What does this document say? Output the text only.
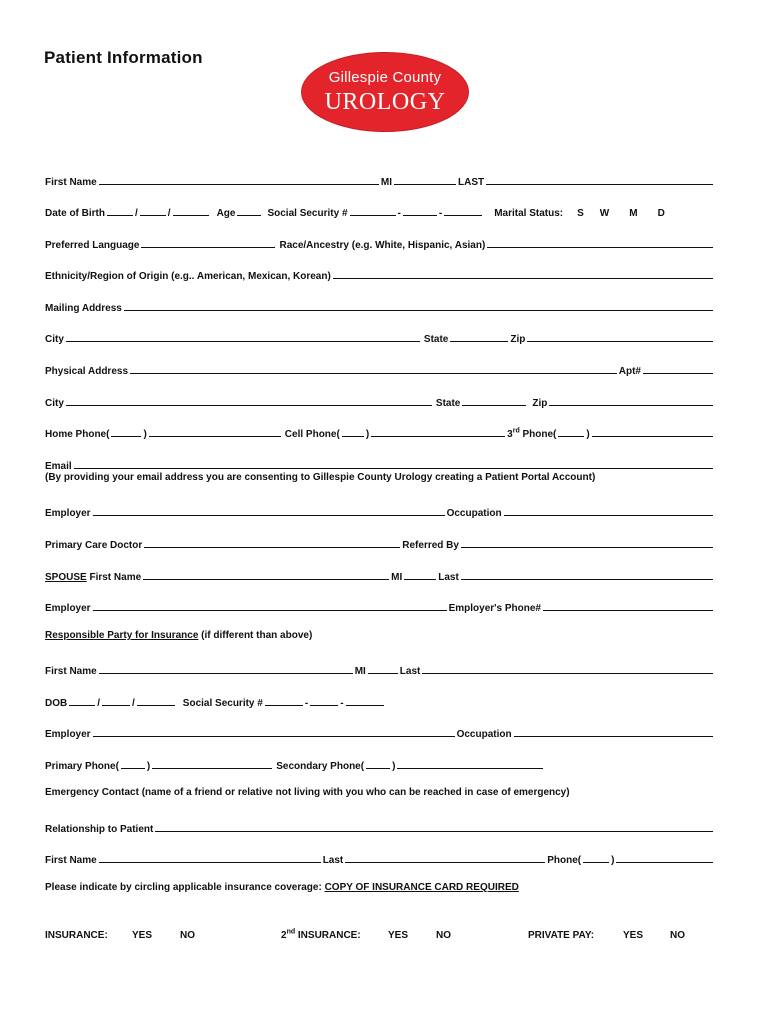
Patient Information
Gillespie County
UROLOGY
First Name	MI	LAST
Date of Birth	/	/	Age	Social Security #	-	-	Marital Status: S W M D
Preferred Language	Race/Ancestry (e.g. White, Hispanic, Asian)
Ethnicity/Region of Origin (e.g.. American, Mexican, Korean)
Mailing Address
City	State	Zip
Physical Address	Apt#
City	State	Zip
Home Phone(	)	Cell Phone(	)	3rd Phone(	)
Email
(By providing your email address you are consenting to Gillespie County Urology creating a Patient Portal Account)
Employer	Occupation
Primary Care Doctor	Referred By
SPOUSE First Name	MI	Last
Employer	Employer's Phone#
Responsible Party for Insurance (if different than above)
First Name	MI	Last
DOB	/	/	Social Security #	-	-
Employer	Occupation
Primary Phone(	)	Secondary Phone(	)
Emergency Contact (name of a friend or relative not living with you who can be reached in case of emergency)
Relationship to Patient
First Name	Last	Phone(	)
Please indicate by circling applicable insurance coverage: COPY OF INSURANCE CARD REQUIRED
INSURANCE: YES	NO	2nd INSURANCE:	YES	NO	PRIVATE PAY:	YES	NO
